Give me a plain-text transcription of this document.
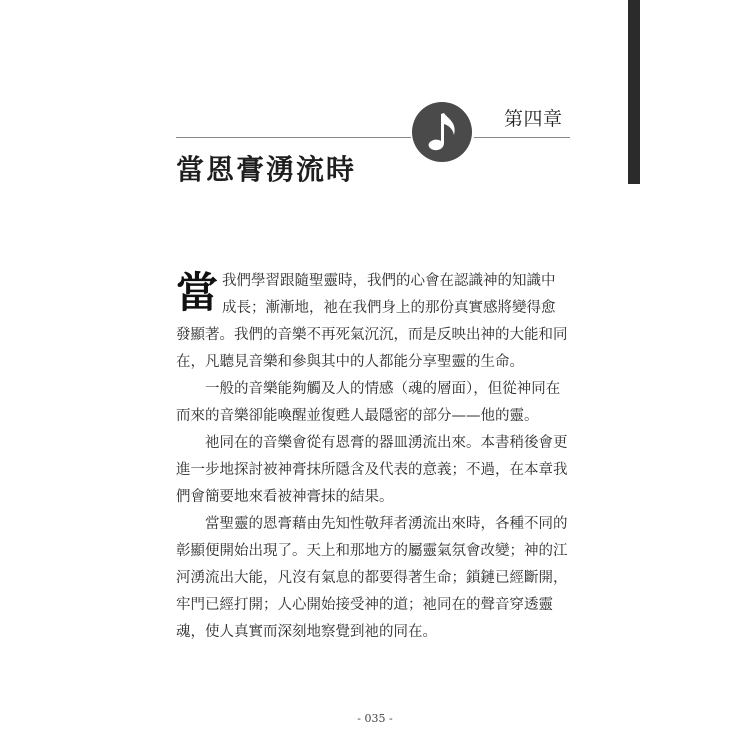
第四章
當恩膏湧流時
當 我們學習跟隨聖靈時，我們的心會在認識神的知識中
成長；漸漸地，祂在我們身上的那份真實感將變得愈
發顯著。我們的音樂不再死氣沉沉，而是反映出神的大能和同
在，凡聽見音樂和參與其中的人都能分享聖靈的生命。
一般的音樂能夠觸及人的情感（魂的層面），但從神同在
而來的音樂卻能喚醒並復甦人最隱密的部分——他的靈。
祂同在的音樂會從有恩膏的器皿湧流出來。本書稍後會更
進一步地探討被神膏抹所隱含及代表的意義；不過，在本章我
們會簡要地來看被神膏抹的結果。
當聖靈的恩膏藉由先知性敬拜者湧流出來時，各種不同的
彰顯便開始出現了。天上和那地方的屬靈氣氛會改變；神的江
河湧流出大能，凡沒有氣息的都要得著生命；鎖鏈已經斷開，
牢門已經打開；人心開始接受神的道；祂同在的聲音穿透靈
魂，使人真實而深刻地察覺到祂的同在。
- 035 -
